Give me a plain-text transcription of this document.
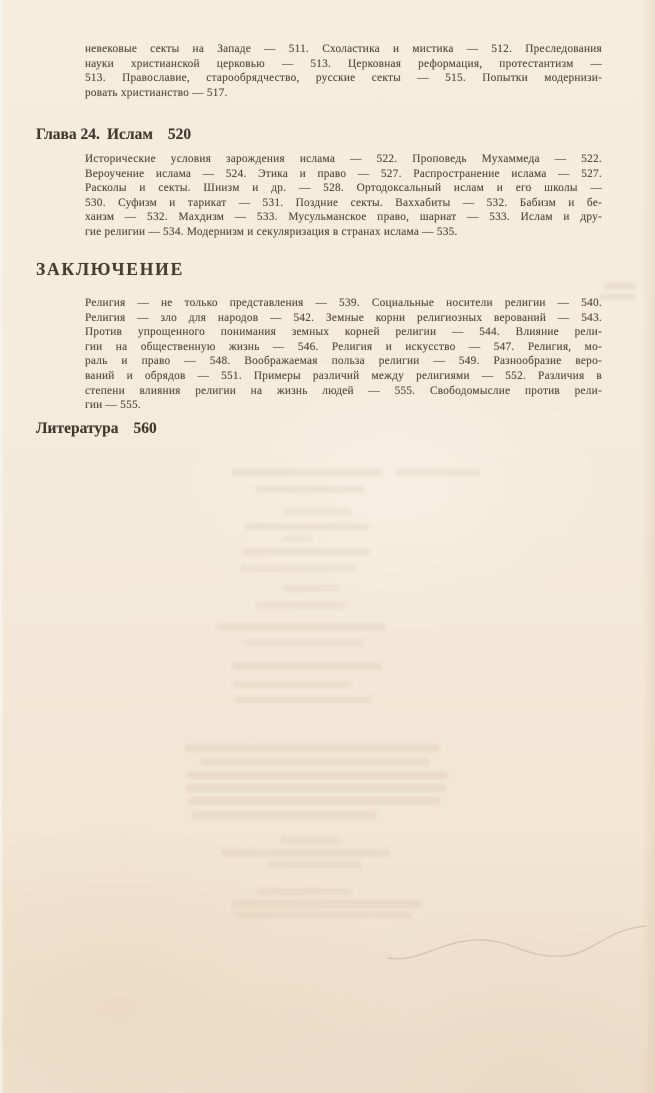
невековые секты на Западе — 511. Схоластика и мистика — 512. Преследования
науки христианской церковью — 513. Церковная реформация, протестантизм —
513. Православие, старообрядчество, русские секты — 515. Попытки модернизи-
ровать христианство — 517.
Глава 24. Ислам 520
Исторические условия зарождения ислама — 522. Проповедь Мухаммеда — 522.
Вероучение ислама — 524. Этика и право — 527. Распространение ислама — 527.
Расколы и секты. Шиизм и др. — 528. Ортодоксальный ислам и его школы —
530. Суфизм и тарикат — 531. Поздние секты. Ваххабиты — 532. Бабизм и бе-
хаизм — 532. Махдизм — 533. Мусульманское право, шариат — 533. Ислам и дру-
гие религии — 534. Модернизм и секуляризация в странах ислама — 535.
ЗАКЛЮЧЕНИЕ
Религия — не только представления — 539. Социальные носители религии — 540.
Религия — зло для народов — 542. Земные корни религиозных верований — 543.
Против упрощенного понимания земных корней религии — 544. Влияние рели-
гии на общественную жизнь — 546. Религия и искусство — 547. Религия, мо-
раль и право — 548. Воображаемая польза религии — 549. Разнообразие веро-
ваний и обрядов — 551. Примеры различий между религиями — 552. Различия в
степени влияния религии на жизнь людей — 555. Свободомыслие против рели-
гии — 555.
Литература 560
